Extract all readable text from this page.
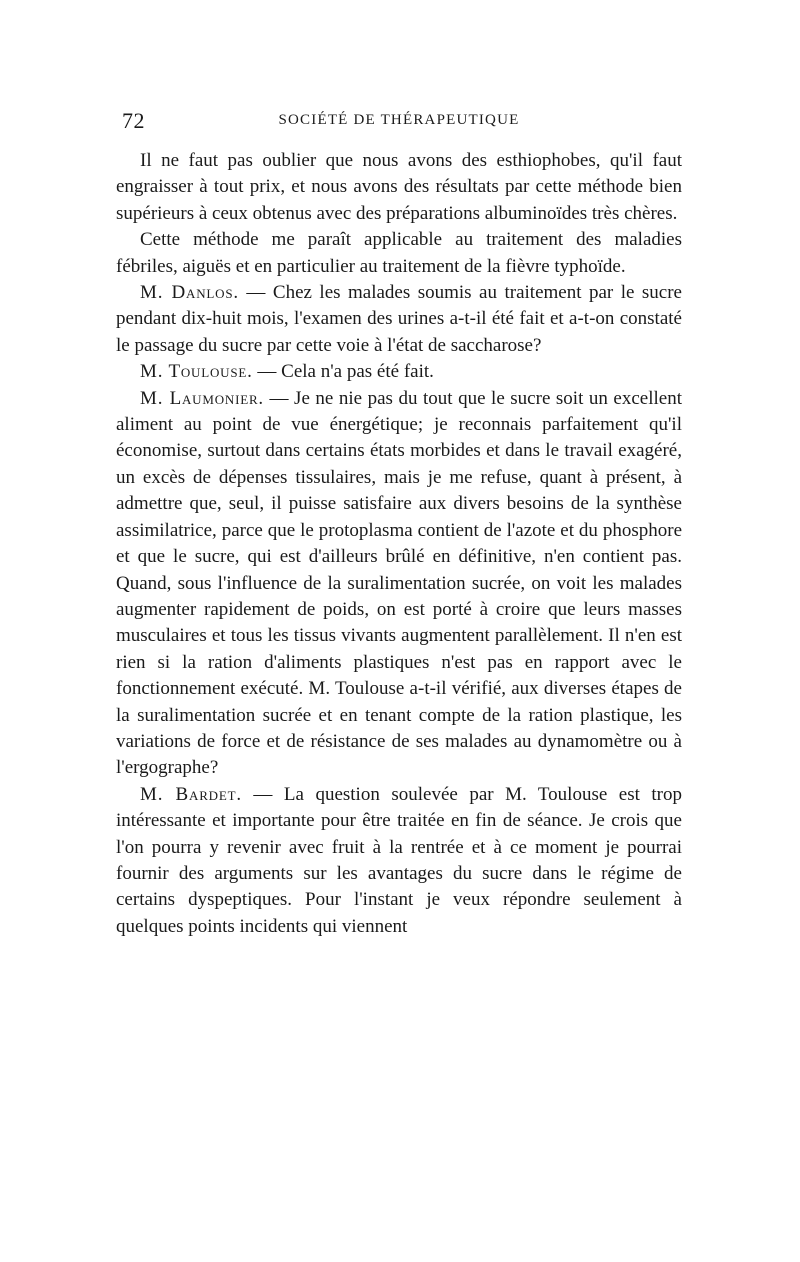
72	SOCIÉTÉ DE THÉRAPEUTIQUE

Il ne faut pas oublier que nous avons des esthiophobes, qu'il faut engraisser à tout prix, et nous avons des résultats par cette méthode bien supérieurs à ceux obtenus avec des préparations albuminoïdes très chères.

Cette méthode me paraît applicable au traitement des maladies fébriles, aiguës et en particulier au traitement de la fièvre typhoïde.

M. Danlos. — Chez les malades soumis au traitement par le sucre pendant dix-huit mois, l'examen des urines a-t-il été fait et a-t-on constaté le passage du sucre par cette voie à l'état de saccharose?

M. Toulouse. — Cela n'a pas été fait.

M. Laumonier. — Je ne nie pas du tout que le sucre soit un excellent aliment au point de vue énergétique; je reconnais parfaitement qu'il économise, surtout dans certains états morbides et dans le travail exagéré, un excès de dépenses tissulaires, mais je me refuse, quant à présent, à admettre que, seul, il puisse satisfaire aux divers besoins de la synthèse assimilatrice, parce que le protoplasma contient de l'azote et du phosphore et que le sucre, qui est d'ailleurs brûlé en définitive, n'en contient pas. Quand, sous l'influence de la suralimentation sucrée, on voit les malades augmenter rapidement de poids, on est porté à croire que leurs masses musculaires et tous les tissus vivants augmentent parallèlement. Il n'en est rien si la ration d'aliments plastiques n'est pas en rapport avec le fonctionnement exécuté. M. Toulouse a-t-il vérifié, aux diverses étapes de la suralimentation sucrée et en tenant compte de la ration plastique, les variations de force et de résistance de ses malades au dynamomètre ou à l'ergographe?

M. Bardet. — La question soulevée par M. Toulouse est trop intéressante et importante pour être traitée en fin de séance. Je crois que l'on pourra y revenir avec fruit à la rentrée et à ce moment je pourrai fournir des arguments sur les avantages du sucre dans le régime de certains dyspeptiques. Pour l'instant je veux répondre seulement à quelques points incidents qui viennent
